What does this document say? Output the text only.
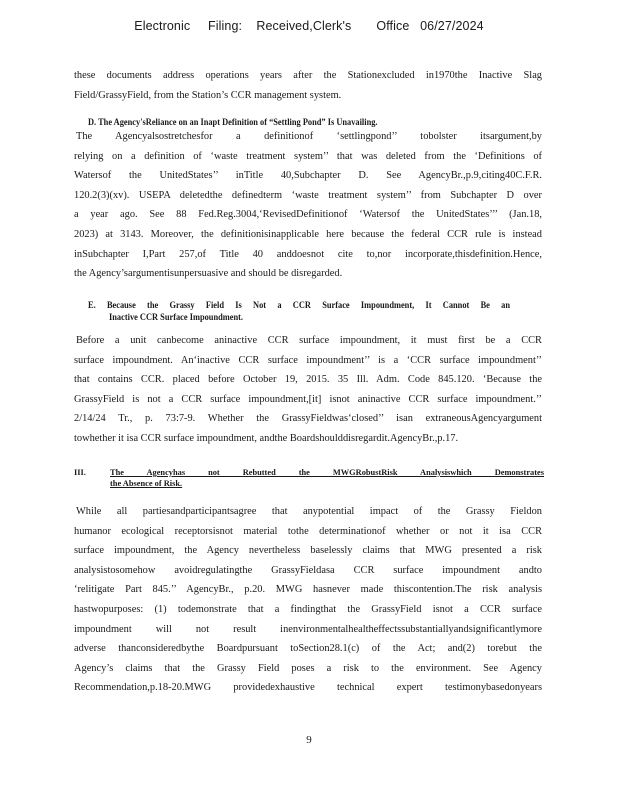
Electronic     Filing:    Received,Clerk's       Office   06/27/2024
these documents address operations years after the Stationexcluded in1970the Inactive Slag
Field/GrassyField, from the Station’s CCR management system.
D. The Agency'sReliance on an Inapt Definition of “Settling Pond” Is Unavailing.
The Agencyalsostretchesfor a definitionof ‘settlingpond’’ tobolster itsargument,by
relying on a definition of ‘waste treatment system’’ that was deleted from the ‘Definitions of
Watersof the UnitedStates’’ inTitle 40,Subchapter D. See AgencyBr.,p.9,citing40C.F.R.
120.2(3)(xv). USEPA deletedthe definedterm ‘waste treatment system’’ from Subchapter D over
a year ago. See 88 Fed.Reg.3004,‘RevisedDefinitionof ‘Watersof the UnitedStates’’’ (Jan.18,
2023) at 3143. Moreover, the definitionisinapplicable here because the federal CCR rule is instead
inSubchapter I,Part 257,of Title 40 anddoesnot cite to,nor incorporate,thisdefinition.Hence,
the Agency’sargumentisunpersuasive and should be disregarded.
E. Because the Grassy Field Is Not a CCR Surface Impoundment, It Cannot Be an
Inactive CCR Surface Impoundment.
Before a unit canbecome aninactive CCR surface impoundment, it must first be a CCR
surface impoundment. An‘inactive CCR surface impoundment’’ is a ‘CCR surface impoundment’’
that contains CCR. placed before October 19, 2015. 35 Ill. Adm. Code 845.120. ‘Because the
GrassyField is not a CCR surface impoundment,[it] isnot aninactive CCR surface impoundment.’’
2/14/24 Tr., p. 73:7-9. Whether the GrassyFieldwas‘closed’’ isan extraneousAgencyargument
towhether it isa CCR surface impoundment, andthe Boardshoulddisregardit.AgencyBr.,p.17.
III.	The Agencyhas not Rebutted the MWGRobustRisk Analysiswhich Demonstrates
the Absence of Risk.
While all partiesandparticipantsagree that anypotential impact of the Grassy Fieldon
humanor ecological receptorsisnot material tothe determinationof whether or not it isa CCR
surface impoundment, the Agency nevertheless baselessly claims that MWG presented a risk
analysistosomehow avoidregulatingthe GrassyFieldasa CCR surface impoundment andto
‘relitigate Part 845.’’ AgencyBr., p.20. MWG hasnever made thiscontention.The risk analysis
hastwopurposes: (1) todemonstrate that a findingthat the GrassyField isnot a CCR surface
impoundment will not result inenvironmentalhealtheffectssubstantiallyandsignificantlymore
adverse thanconsideredbythe Boardpursuant toSection28.1(c) of the Act; and(2) torebut the
Agency’s claims that the Grassy Field poses a risk to the environment. See Agency
Recommendation,p.18-20.MWG providedexhaustive technical expert testimonybasedonyears
9
